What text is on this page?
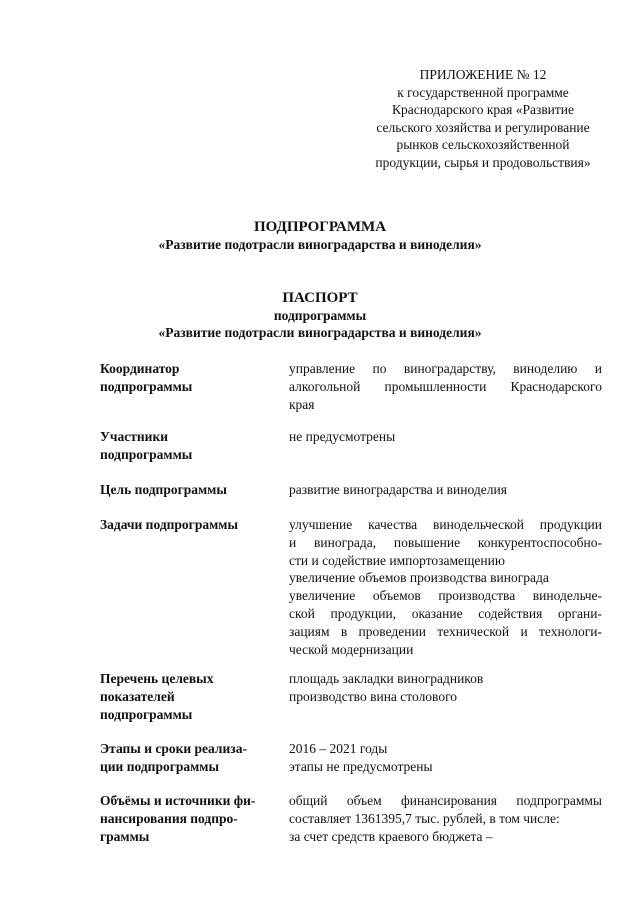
ПРИЛОЖЕНИЕ № 12
к государственной программе
Краснодарского края «Развитие
сельского хозяйства и регулирование
рынков сельскохозяйственной
продукции, сырья и продовольствия»
ПОДПРОГРАММА
«Развитие подотрасли виноградарства и виноделия»
ПАСПОРТ
подпрограммы
«Развитие подотрасли виноградарства и виноделия»
Координатор
подпрограммы
управление по виноградарству, виноделию и
алкогольной промышленности Краснодарского
края
Участники
подпрограммы
не предусмотрены
Цель подпрограммы	развитие виноградарства и виноделия
Задачи подпрограммы	улучшение качества винодельческой продукции
и винограда, повышение конкурентоспособно-
сти и содействие импортозамещению
увеличение объемов производства винограда
увеличение объемов производства винодельче-
ской продукции, оказание содействия органи-
зациям в проведении технической и технологи-
ческой модернизации
Перечень целевых
показателей
подпрограммы
площадь закладки виноградников
производство вина столового
Этапы и сроки реализа-
ции подпрограммы
2016 – 2021 годы
этапы не предусмотрены
Объёмы и источники фи-
нансирования подпро-
граммы
общий объем финансирования подпрограммы
составляет 1361395,7 тыс. рублей, в том числе:
за счет средств краевого бюджета –
